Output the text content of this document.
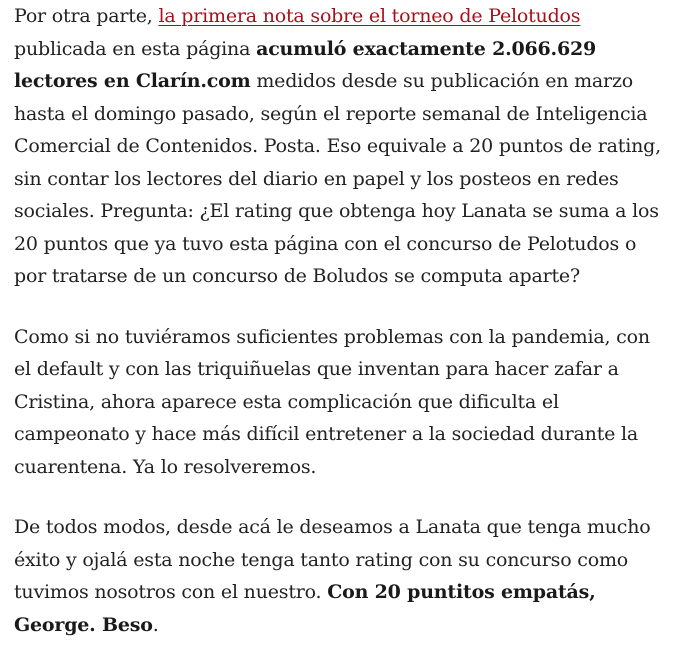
Por otra parte, la primera nota sobre el torneo de Pelotudos publicada en esta página acumuló exactamente 2.066.629 lectores en Clarín.com medidos desde su publicación en marzo hasta el domingo pasado, según el reporte semanal de Inteligencia Comercial de Contenidos. Posta. Eso equivale a 20 puntos de rating, sin contar los lectores del diario en papel y los posteos en redes sociales. Pregunta: ¿El rating que obtenga hoy Lanata se suma a los 20 puntos que ya tuvo esta página con el concurso de Pelotudos o por tratarse de un concurso de Boludos se computa aparte?

Como si no tuviéramos suficientes problemas con la pandemia, con el default y con las triquiñuelas que inventan para hacer zafar a Cristina, ahora aparece esta complicación que dificulta el campeonato y hace más difícil entretener a la sociedad durante la cuarentena. Ya lo resolveremos.

De todos modos, desde acá le deseamos a Lanata que tenga mucho éxito y ojalá esta noche tenga tanto rating con su concurso como tuvimos nosotros con el nuestro. Con 20 puntitos empatás, George. Beso.
